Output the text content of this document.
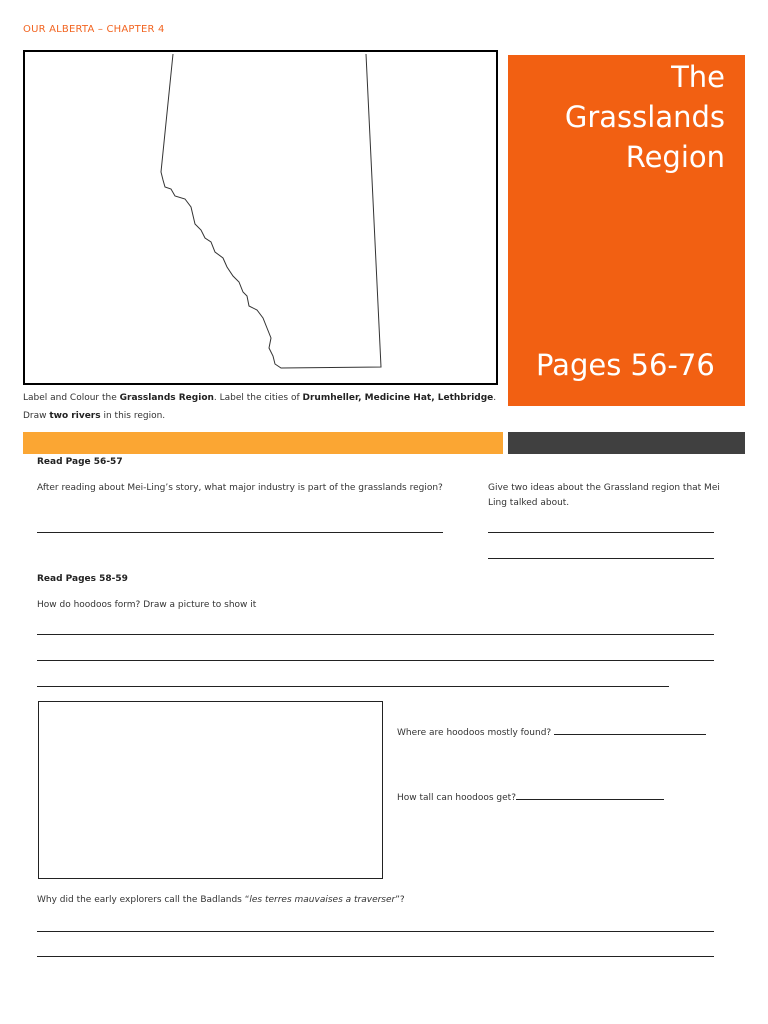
OUR ALBERTA – CHAPTER 4
The
Grasslands
Region
Pages 56-76
Label and Colour the Grasslands Region. Label the cities of Drumheller, Medicine Hat, Lethbridge.
Draw two rivers in this region.
Read Page 56-57
After reading about Mei-Ling’s story, what major industry is part of the grasslands region?	Give two ideas about the Grassland region that Mei Ling talked about.
Read Pages 58-59
How do hoodoos form? Draw a picture to show it
Where are hoodoos mostly found?
How tall can hoodoos get?
Why did the early explorers call the Badlands “les terres mauvaises a traverser”?
